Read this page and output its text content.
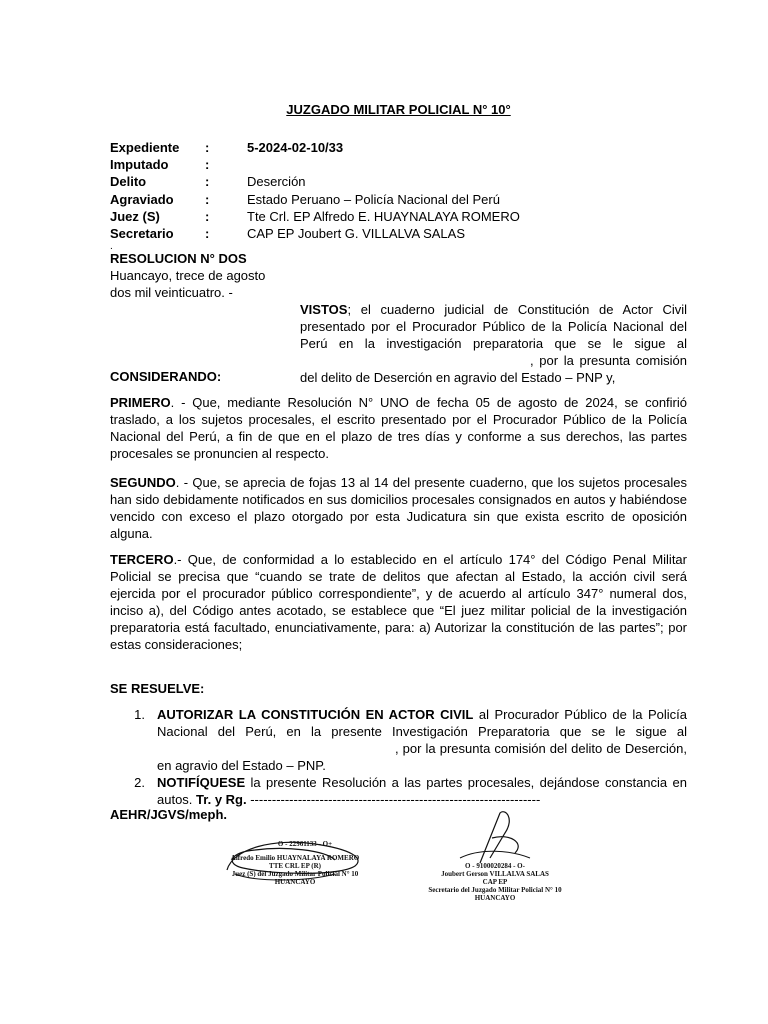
JUZGADO MILITAR POLICIAL N° 10°
Expediente	:	5-2024-02-10/33
Imputado	:
Delito	:	Deserción
Agraviado	:	Estado Peruano – Policía Nacional del Perú
Juez (S)	:	Tte Crl. EP Alfredo E. HUAYNALAYA ROMERO
Secretario	:	CAP EP Joubert G. VILLALVA SALAS
.
RESOLUCION N° DOS
Huancayo, trece de agosto
dos mil veinticuatro. -
VISTOS; el cuaderno judicial de Constitución de Actor Civil presentado por el Procurador Público de la Policía Nacional del Perú en la investigación preparatoria que se le sigue al, por la presunta comisión del delito de Deserción en agravio del Estado – PNP y,
CONSIDERANDO:
PRIMERO. - Que, mediante Resolución N° UNO de fecha 05 de agosto de 2024, se confirió traslado, a los sujetos procesales, el escrito presentado por el Procurador Público de la Policía Nacional del Perú, a fin de que en el plazo de tres días y conforme a sus derechos, las partes procesales se pronuncien al respecto.
SEGUNDO. - Que, se aprecia de fojas 13 al 14 del presente cuaderno, que los sujetos procesales han sido debidamente notificados en sus domicilios procesales consignados en autos y habiéndose vencido con exceso el plazo otorgado por esta Judicatura sin que exista escrito de oposición alguna.
TERCERO.- Que, de conformidad a lo establecido en el artículo 174° del Código Penal Militar Policial se precisa que “cuando se trate de delitos que afectan al Estado, la acción civil será ejercida por el procurador público correspondiente”, y de acuerdo al artículo 347° numeral dos, inciso a), del Código antes acotado, se establece que “El juez militar policial de la investigación preparatoria está facultado, enunciativamente, para: a) Autorizar la constitución de las partes”; por estas consideraciones;
SE RESUELVE:
1. AUTORIZAR LA CONSTITUCIÓN EN ACTOR CIVIL al Procurador Público de la Policía Nacional del Perú, en la presente Investigación Preparatoria que se le sigue al, por la presunta comisión del delito de Deserción, en agravio del Estado – PNP.
2. NOTIFÍQUESE la presente Resolución a las partes procesales, dejándose constancia en autos. Tr. y Rg. -------------------------------------------------------------------
AEHR/JGVS/meph.
O - 22961133 - O+
Alfredo Emilio HUAYNALAYA ROMERO
TTE CRL EP (R)
Juez (S) del Juzgado Militar Policial N° 10
HUANCAYO
O - 9100020284 - O-
Joubert Gerson VILLALVA SALAS
CAP EP
Secretario del Juzgado Militar Policial N° 10
HUANCAYO
